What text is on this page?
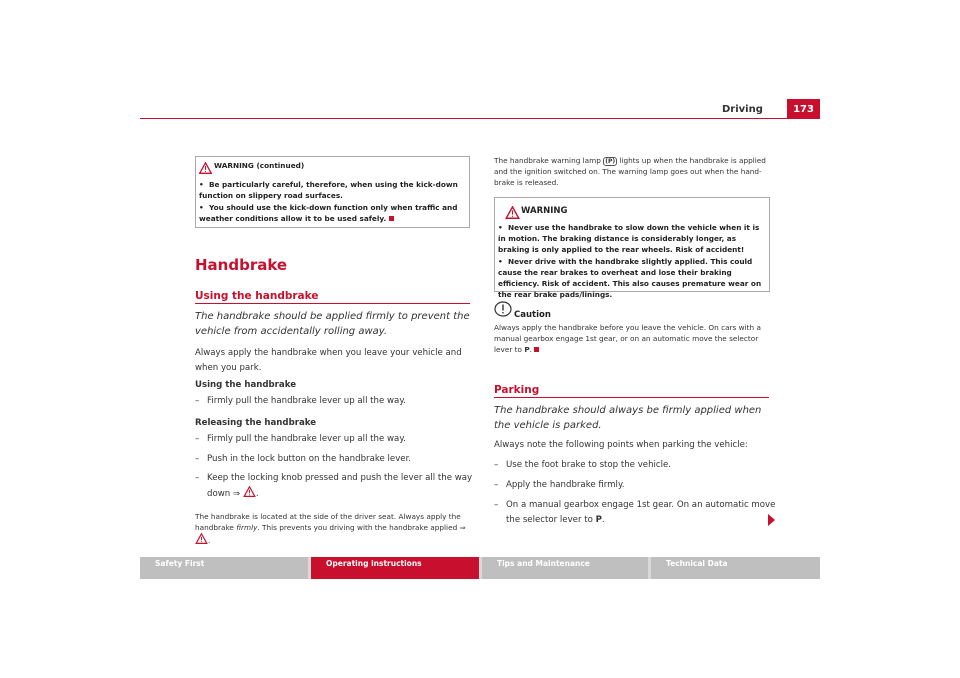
Driving	173
WARNING (continued)
• Be particularly careful, therefore, when using the kick-down function on slippery road surfaces.
• You should use the kick-down function only when traffic and weather conditions allow it to be used safely.
Handbrake
Using the handbrake
The handbrake should be applied firmly to prevent the vehicle from accidentally rolling away.
Always apply the handbrake when you leave your vehicle and when you park.
Using the handbrake
– Firmly pull the handbrake lever up all the way.
Releasing the handbrake
– Firmly pull the handbrake lever up all the way.
– Push in the lock button on the handbrake lever.
– Keep the locking knob pressed and push the lever all the way down ⇒ .
The handbrake is located at the side of the driver seat. Always apply the handbrake firmly. This prevents you driving with the handbrake applied ⇒ .
The handbrake warning lamp (P) lights up when the handbrake is applied and the ignition switched on. The warning lamp goes out when the hand-brake is released.
WARNING
• Never use the handbrake to slow down the vehicle when it is in motion. The braking distance is considerably longer, as braking is only applied to the rear wheels. Risk of accident!
• Never drive with the handbrake slightly applied. This could cause the rear brakes to overheat and lose their braking efficiency. Risk of accident. This also causes premature wear on the rear brake pads/linings.
Caution
Always apply the handbrake before you leave the vehicle. On cars with a manual gearbox engage 1st gear, or on an automatic move the selector lever to P.
Parking
The handbrake should always be firmly applied when the vehicle is parked.
Always note the following points when parking the vehicle:
– Use the foot brake to stop the vehicle.
– Apply the handbrake firmly.
– On a manual gearbox engage 1st gear. On an automatic move the selector lever to P.
Safety First	Operating instructions	Tips and Maintenance	Technical Data
